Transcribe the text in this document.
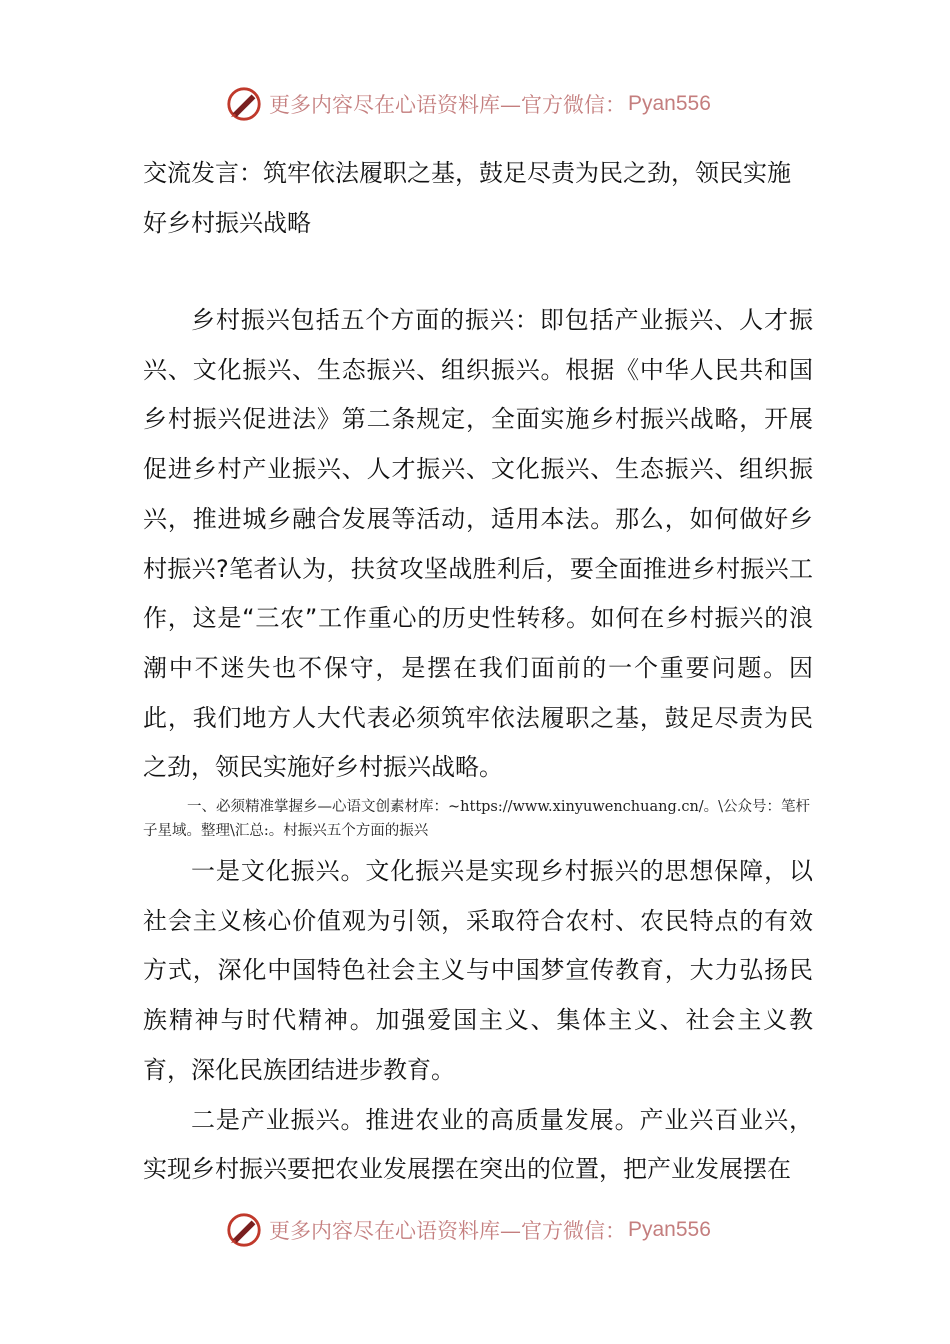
更多内容尽在心语资料库—官方微信： Pyan556
交流发言：筑牢依法履职之基，鼓足尽责为民之劲，领民实施好乡村振兴战略

乡村振兴包括五个方面的振兴：即包括产业振兴、人才振兴、文化振兴、生态振兴、组织振兴。根据《中华人民共和国乡村振兴促进法》第二条规定，全面实施乡村振兴战略，开展促进乡村产业振兴、人才振兴、文化振兴、生态振兴、组织振兴，推进城乡融合发展等活动，适用本法。那么，如何做好乡村振兴?笔者认为，扶贫攻坚战胜利后，要全面推进乡村振兴工作，这是“三农”工作重心的历史性转移。如何在乡村振兴的浪潮中不迷失也不保守，是摆在我们面前的一个重要问题。因此，我们地方人大代表必须筑牢依法履职之基，鼓足尽责为民之劲，领民实施好乡村振兴战略。

一、必须精准掌握乡—心语文创素材库：~https://www.xinyuwenchuang.cn/。\公众号：笔杆子星域。整理\汇总:。村振兴五个方面的振兴

一是文化振兴。文化振兴是实现乡村振兴的思想保障，以社会主义核心价值观为引领，采取符合农村、农民特点的有效方式，深化中国特色社会主义与中国梦宣传教育，大力弘扬民族精神与时代精神。加强爱国主义、集体主义、社会主义教育，深化民族团结进步教育。

二是产业振兴。推进农业的高质量发展。产业兴百业兴，实现乡村振兴要把农业发展摆在突出的位置，把产业发展摆在

更多内容尽在心语资料库—官方微信： Pyan556
